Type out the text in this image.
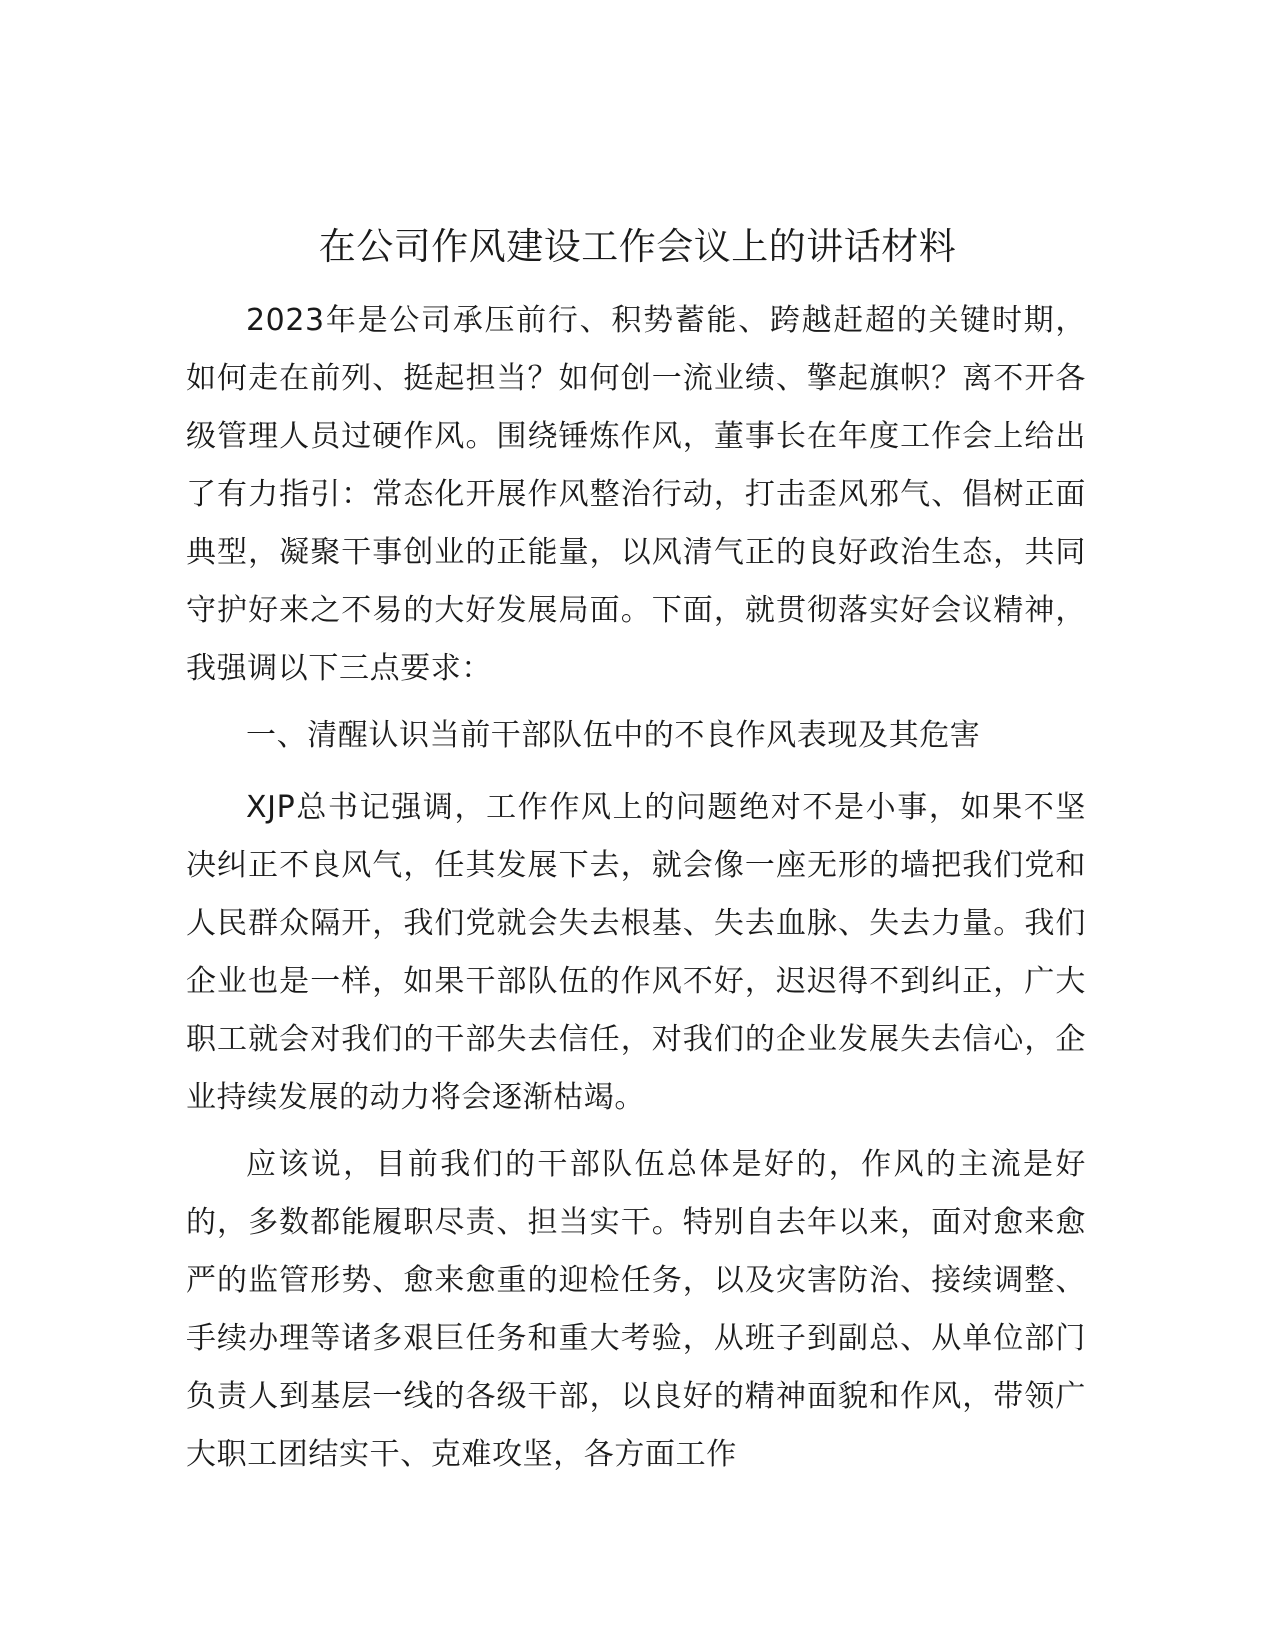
在公司作风建设工作会议上的讲话材料

2023年是公司承压前行、积势蓄能、跨越赶超的关键时期，如何走在前列、挺起担当？如何创一流业绩、擎起旗帜？离不开各级管理人员过硬作风。围绕锤炼作风，董事长在年度工作会上给出了有力指引：常态化开展作风整治行动，打击歪风邪气、倡树正面典型，凝聚干事创业的正能量，以风清气正的良好政治生态，共同守护好来之不易的大好发展局面。下面，就贯彻落实好会议精神，我强调以下三点要求：

一、清醒认识当前干部队伍中的不良作风表现及其危害

XJP总书记强调，工作作风上的问题绝对不是小事，如果不坚决纠正不良风气，任其发展下去，就会像一座无形的墙把我们党和人民群众隔开，我们党就会失去根基、失去血脉、失去力量。我们企业也是一样，如果干部队伍的作风不好，迟迟得不到纠正，广大职工就会对我们的干部失去信任，对我们的企业发展失去信心，企业持续发展的动力将会逐渐枯竭。

应该说，目前我们的干部队伍总体是好的，作风的主流是好的，多数都能履职尽责、担当实干。特别自去年以来，面对愈来愈严的监管形势、愈来愈重的迎检任务，以及灾害防治、接续调整、手续办理等诸多艰巨任务和重大考验，从班子到副总、从单位部门负责人到基层一线的各级干部，以良好的精神面貌和作风，带领广大职工团结实干、克难攻坚，各方面工作
